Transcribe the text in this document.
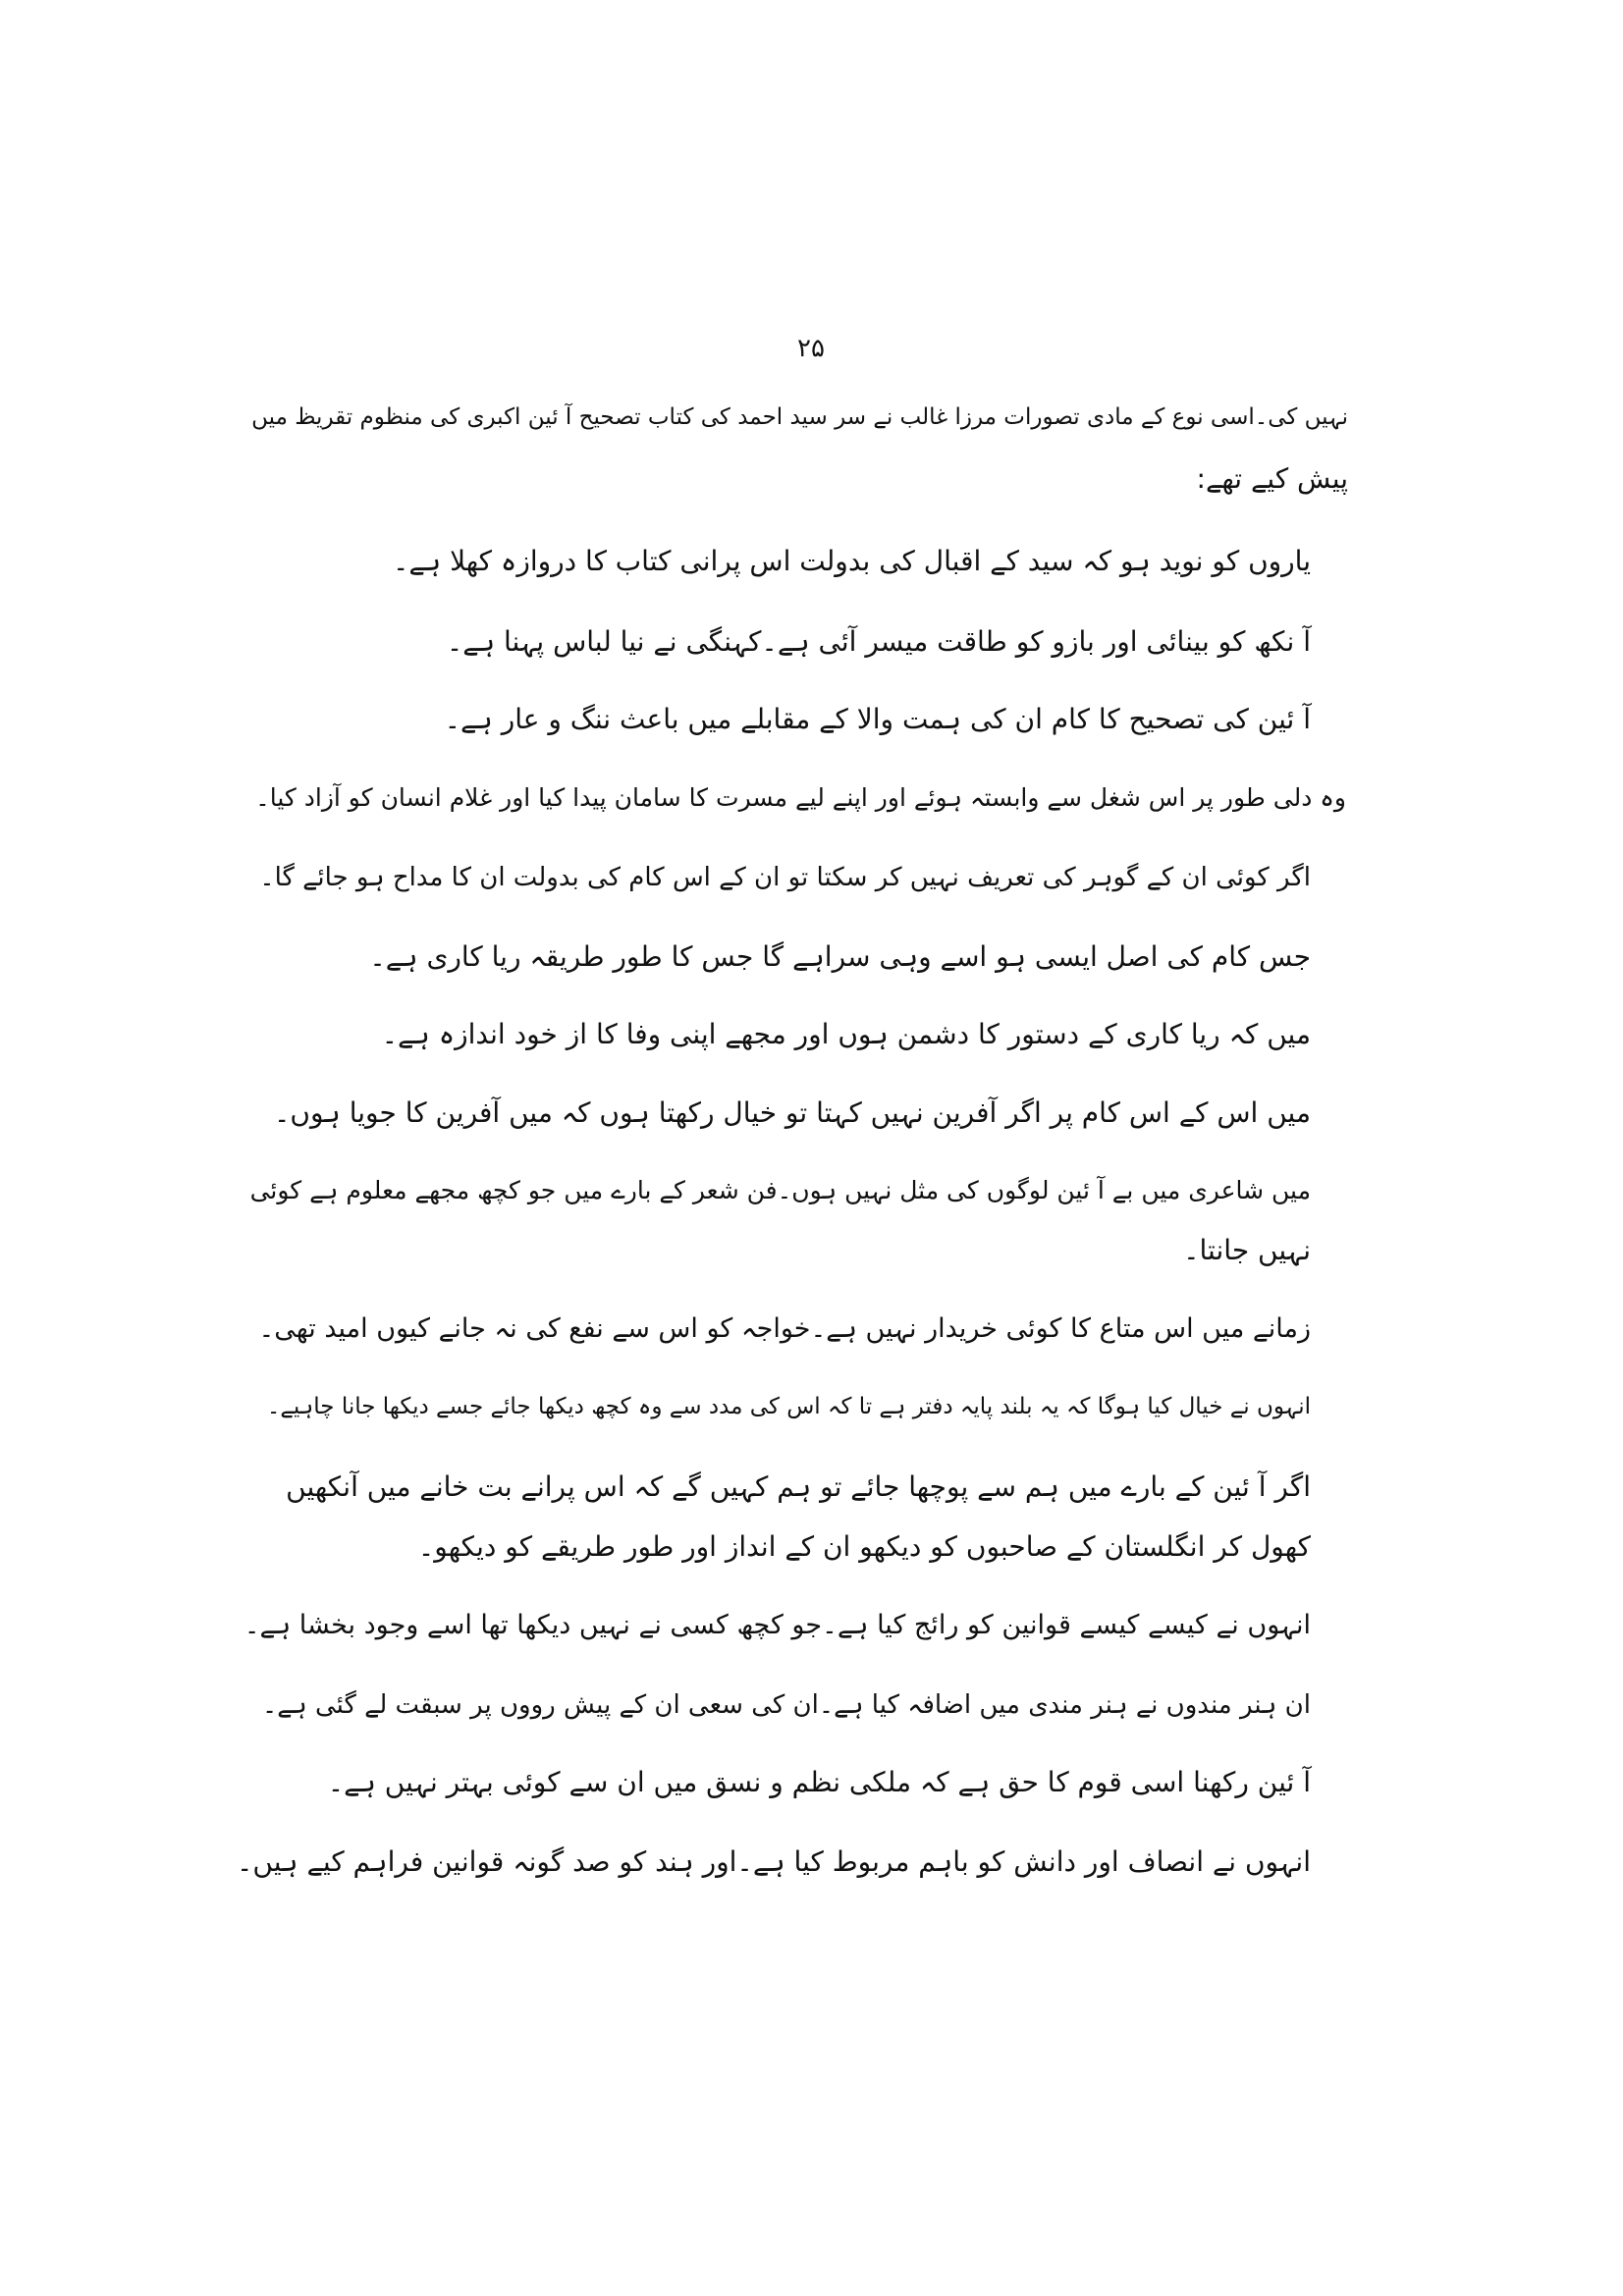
۲۵
نہیں کی۔اسی نوع کے مادی تصورات مرزا غالب نے سر سید احمد کی کتاب تصحیح آ ئین اکبری کی منظوم تقریظ میں
پیش کیے تھے:
یاروں کو نوید ہو کہ سید کے اقبال کی بدولت اس پرانی کتاب کا دروازہ کھلا ہے۔
آ نکھ کو بینائی اور بازو کو طاقت میسر آئی ہے۔کہنگی نے نیا لباس پہنا ہے۔
آ ئین کی تصحیح کا کام ان کی ہمت والا کے مقابلے میں باعث ننگ و عار ہے۔
وہ دلی طور پر اس شغل سے وابستہ ہوئے اور اپنے لیے مسرت کا سامان پیدا کیا اور غلام انسان کو آزاد کیا۔
اگر کوئی ان کے گوہر کی تعریف نہیں کر سکتا تو ان کے اس کام کی بدولت ان کا مداح ہو جائے گا۔
جس کام کی اصل ایسی ہو اسے وہی سراہے گا جس کا طور طریقہ ریا کاری ہے۔
میں کہ ریا کاری کے دستور کا دشمن ہوں اور مجھے اپنی وفا کا از خود اندازہ ہے۔
میں اس کے اس کام پر اگر آفرین نہیں کہتا تو خیال رکھتا ہوں کہ میں آفرین کا جویا ہوں۔
میں شاعری میں بے آ ئین لوگوں کی مثل نہیں ہوں۔فن شعر کے بارے میں جو کچھ مجھے معلوم ہے کوئی
نہیں جانتا۔
زمانے میں اس متاع کا کوئی خریدار نہیں ہے۔خواجہ کو اس سے نفع کی نہ جانے کیوں امید تھی۔
انہوں نے خیال کیا ہوگا کہ یہ بلند پایہ دفتر ہے تا کہ اس کی مدد سے وہ کچھ دیکھا جائے جسے دیکھا جانا چاہیے۔
اگر آ ئین کے بارے میں ہم سے پوچھا جائے تو ہم کہیں گے کہ اس پرانے بت خانے میں آنکھیں
کھول کر انگلستان کے صاحبوں کو دیکھو ان کے انداز اور طور طریقے کو دیکھو۔
انہوں نے کیسے کیسے قوانین کو رائج کیا ہے۔جو کچھ کسی نے نہیں دیکھا تھا اسے وجود بخشا ہے۔
ان ہنر مندوں نے ہنر مندی میں اضافہ کیا ہے۔ان کی سعی ان کے پیش رووں پر سبقت لے گئی ہے۔
آ ئین رکھنا اسی قوم کا حق ہے کہ ملکی نظم و نسق میں ان سے کوئی بہتر نہیں ہے۔
انہوں نے انصاف اور دانش کو باہم مربوط کیا ہے۔اور ہند کو صد گونہ قوانین فراہم کیے ہیں۔
